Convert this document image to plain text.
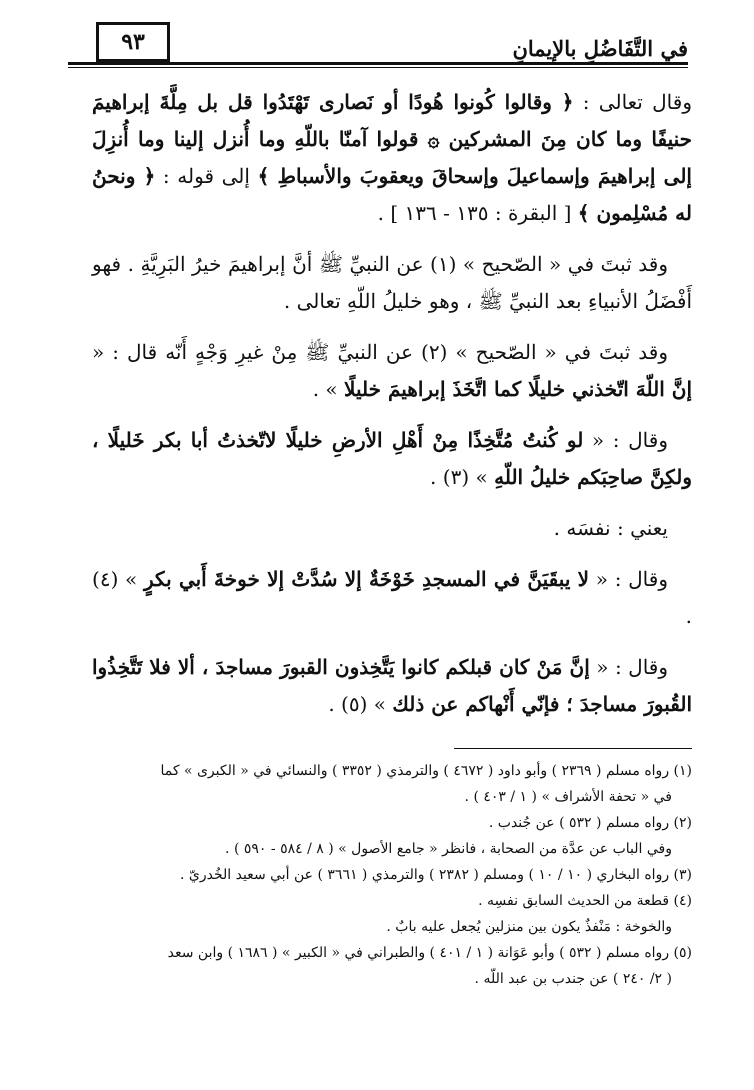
في التَّفَاضُلِ بالإيمانِ
٩٣

وقال تعالى : ﴿ وقالوا كُونوا هُودًا أو نَصارى تَهْتَدُوا قل بل مِلَّةَ إبراهيمَ حنيفًا وما كان مِنَ المشركين ۞ قولوا آمنّا باللّهِ وما أُنزل إلينا وما أُنزِلَ إلى إبراهيمَ وإسماعيلَ وإسحاقَ ويعقوبَ والأسباطِ ﴾ إلى قوله : ﴿ ونحنُ له مُسْلِمون ﴾ [ البقرة : ١٣٥ - ١٣٦ ] .

وقد ثبتَ في « الصّحيح » (١) عن النبيِّ ﷺ أنَّ إبراهيمَ خيرُ البَرِيَّةِ . فهو أَفْضَلُ الأنبياءِ بعد النبيِّ ﷺ ، وهو خليلُ اللّهِ تعالى .

وقد ثبتَ في « الصّحيح » (٢) عن النبيِّ ﷺ مِنْ غيرِ وَجْهٍ أَنّه قال : « إنَّ اللّهَ اتّخذني خليلًا كما اتَّخَذَ إبراهيمَ خليلًا » .

وقال : « لو كُنتُ مُتَّخِذًا مِنْ أَهْلِ الأرضِ خليلًا لاتّخذتُ أبا بكر خَليلًا ، ولكِنَّ صاحِبَكم خليلُ اللّهِ » (٣) .

يعني : نفسَه .

وقال : « لا يبقَيَنَّ في المسجدِ خَوْخَةٌ إلا سُدَّتْ إلا خوخةَ أَبي بكرٍ » (٤) .

وقال : « إنَّ مَنْ كان قبلكم كانوا يَتَّخِذون القبورَ مساجدَ ، ألا فلا تَتَّخِذُوا القُبورَ مساجدَ ؛ فإنّي أَنْهاكم عن ذلك » (٥) .

(١) رواه مسلم ( ٢٣٦٩ ) وأبو داود ( ٤٦٧٢ ) والترمذي ( ٣٣٥٢ ) والنسائي في « الكبرى » كما

في « تحفة الأشراف » ( ١ / ٤٠٣ ) .

(٢) رواه مسلم ( ٥٣٢ ) عن جُندب .

وفي الباب عن عدَّة من الصحابة ، فانظر « جامع الأصول » ( ٨ / ٥٨٤ - ٥٩٠ ) .

(٣) رواه البخاري ( ١٠ / ١٠ ) ومسلم ( ٢٣٨٢ ) والترمذي ( ٣٦٦١ ) عن أبي سعيد الخُدريّ .

(٤) قطعة من الحديث السابق نفسِه .

والخوخة : مَنْفذٌ يكون بين منزلين يُجعل عليه بابٌ .

(٥) رواه مسلم ( ٥٣٢ ) وأبو عَوَانة ( ١ / ٤٠١ ) والطبراني في « الكبير » ( ١٦٨٦ ) وابن سعد

( ٢/ ٢٤٠ ) عن جندب بن عبد اللّه .
